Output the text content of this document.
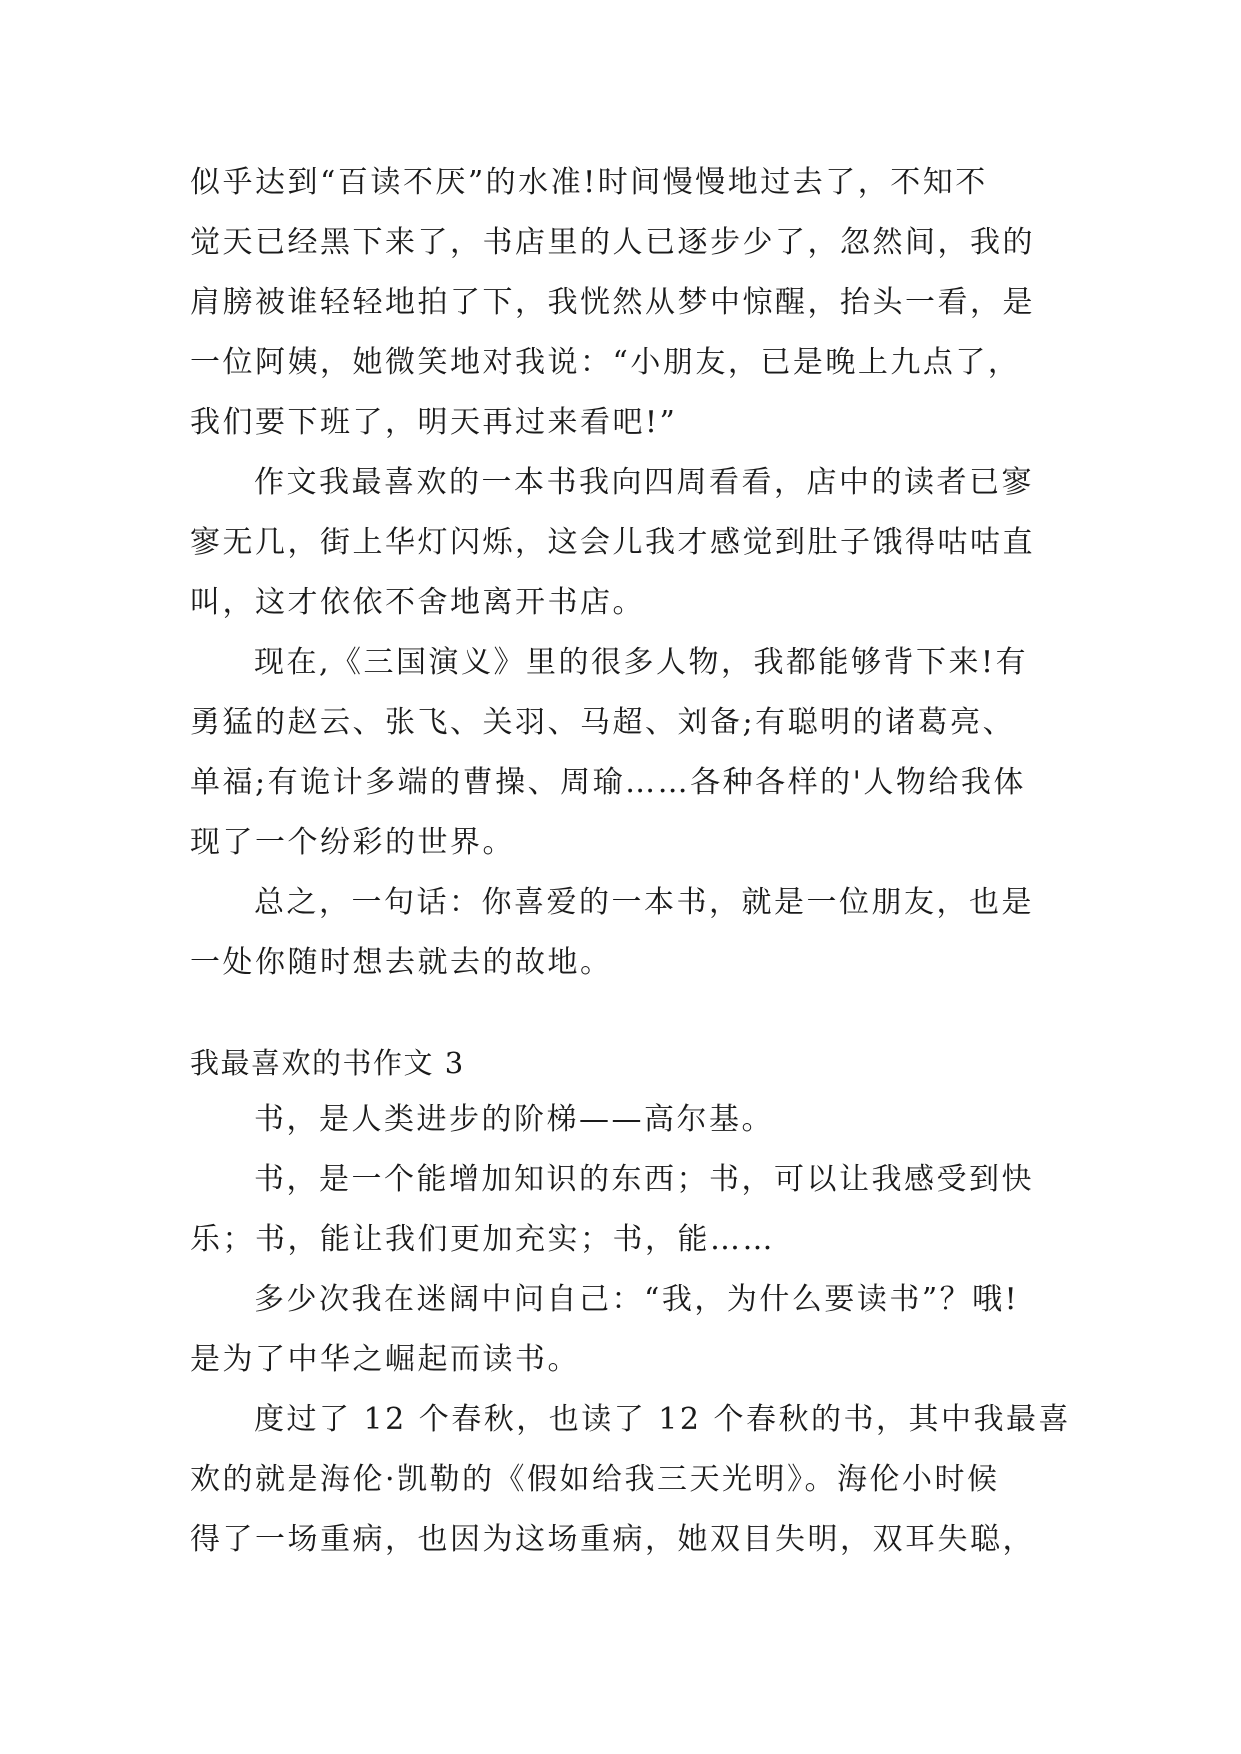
似乎达到“百读不厌”的水准!时间慢慢地过去了，不知不
觉天已经黑下来了，书店里的人已逐步少了，忽然间，我的
肩膀被谁轻轻地拍了下，我恍然从梦中惊醒，抬头一看，是
一位阿姨，她微笑地对我说：“小朋友，已是晚上九点了，
我们要下班了，明天再过来看吧!”
作文我最喜欢的一本书我向四周看看，店中的读者已寥
寥无几，街上华灯闪烁，这会儿我才感觉到肚子饿得咕咕直
叫，这才依依不舍地离开书店。
现在,《三国演义》里的很多人物，我都能够背下来!有
勇猛的赵云、张飞、关羽、马超、刘备;有聪明的诸葛亮、
单福;有诡计多端的曹操、周瑜……各种各样的'人物给我体
现了一个纷彩的世界。
总之，一句话：你喜爱的一本书，就是一位朋友，也是
一处你随时想去就去的故地。
我最喜欢的书作文 3
书，是人类进步的阶梯——高尔基。
书，是一个能增加知识的东西；书，可以让我感受到快
乐；书，能让我们更加充实；书，能……
多少次我在迷阔中问自己：“我，为什么要读书”？哦!
是为了中华之崛起而读书。
度过了 12 个春秋，也读了 12 个春秋的书，其中我最喜
欢的就是海伦·凯勒的《假如给我三天光明》。海伦小时候
得了一场重病，也因为这场重病，她双目失明，双耳失聪，
